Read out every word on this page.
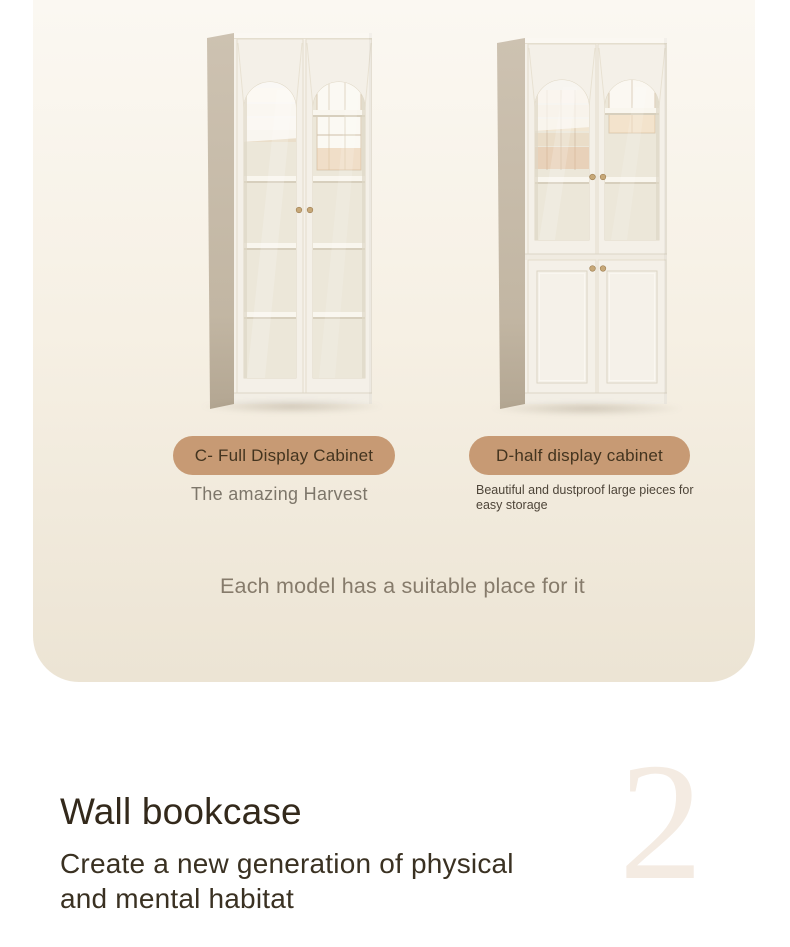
C- Full Display Cabinet	D-half display cabinet
The amazing Harvest	Beautiful and dustproof large pieces for easy storage
Each model has a suitable place for it
2
Wall bookcase

Create a new generation of physical and mental habitat
